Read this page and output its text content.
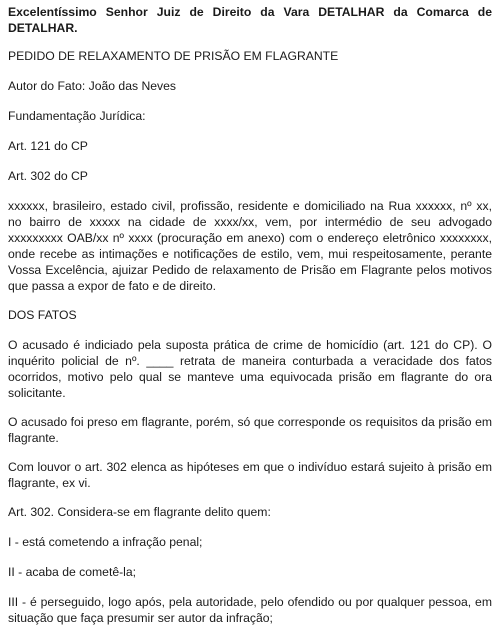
Excelentíssimo Senhor Juiz de Direito da Vara DETALHAR da Comarca de DETALHAR.

PEDIDO DE RELAXAMENTO DE PRISÃO EM FLAGRANTE

Autor do Fato: João das Neves

Fundamentação Jurídica:

Art. 121 do CP

Art. 302 do CP

xxxxxx, brasileiro, estado civil, profissão, residente e domiciliado na Rua xxxxxx, nº xx, no bairro de xxxxx na cidade de xxxx/xx, vem, por intermédio de seu advogado xxxxxxxxx OAB/xx nº xxxx (procuração em anexo) com o endereço eletrônico xxxxxxxx, onde recebe as intimações e notificações de estilo, vem, mui respeitosamente, perante Vossa Excelência, ajuizar Pedido de relaxamento de Prisão em Flagrante pelos motivos que passa a expor de fato e de direito.

DOS FATOS

O acusado é indiciado pela suposta prática de crime de homicídio (art. 121 do CP). O inquérito policial de nº. ____ retrata de maneira conturbada a veracidade dos fatos ocorridos, motivo pelo qual se manteve uma equivocada prisão em flagrante do ora solicitante.

O acusado foi preso em flagrante, porém, só que corresponde os requisitos da prisão em flagrante.

Com louvor o art. 302 elenca as hipóteses em que o indivíduo estará sujeito à prisão em flagrante, ex vi.

Art. 302. Considera-se em flagrante delito quem:

I - está cometendo a infração penal;

II - acaba de cometê-la;

III - é perseguido, logo após, pela autoridade, pelo ofendido ou por qualquer pessoa, em situação que faça presumir ser autor da infração;
